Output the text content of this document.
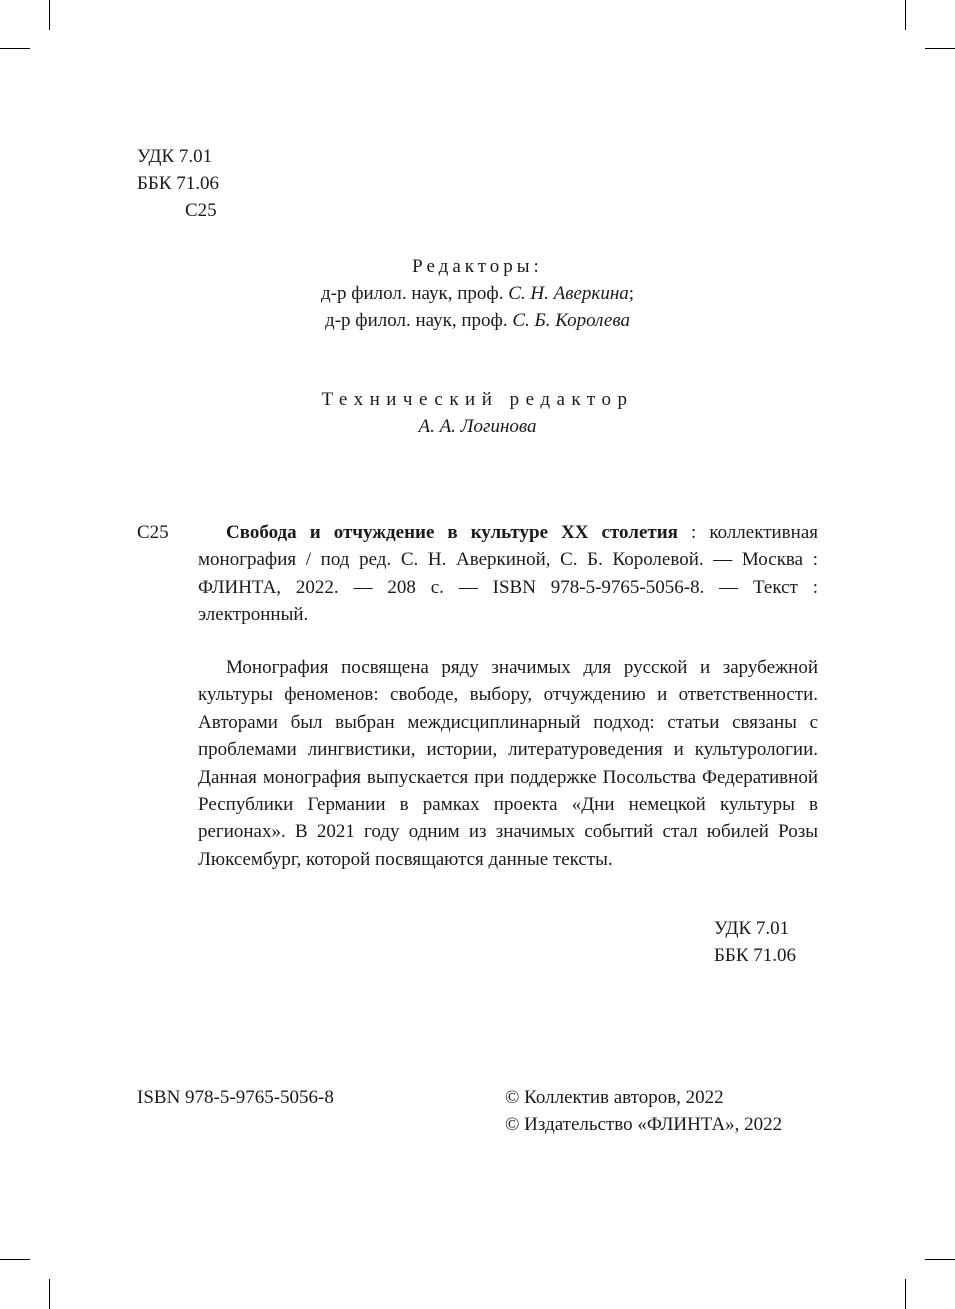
УДК 7.01
ББК 71.06
С25
Редакторы:
д-р филол. наук, проф. С. Н. Аверкина;
д-р филол. наук, проф. С. Б. Королева
Технический редактор
А. А. Логинова
С25	Свобода и отчуждение в культуре XX столетия : коллективная монография / под ред. С. Н. Аверкиной, С. Б. Королевой. — Москва : ФЛИНТА, 2022. — 208 с. — ISBN 978-5-9765-5056-8. — Текст : электронный.

Монография посвящена ряду значимых для русской и зарубежной культуры феноменов: свободе, выбору, отчуждению и ответственности. Авторами был выбран междисциплинарный подход: статьи связаны с проблемами лингвистики, истории, литературоведения и культурологии. Данная монография выпускается при поддержке Посольства Федеративной Республики Германии в рамках проекта «Дни немецкой культуры в регионах». В 2021 году одним из значимых событий стал юбилей Розы Люксембург, которой посвящаются данные тексты.

УДК 7.01
ББК 71.06
ISBN 978-5-9765-5056-8	© Коллектив авторов, 2022
© Издательство «ФЛИНТА», 2022
